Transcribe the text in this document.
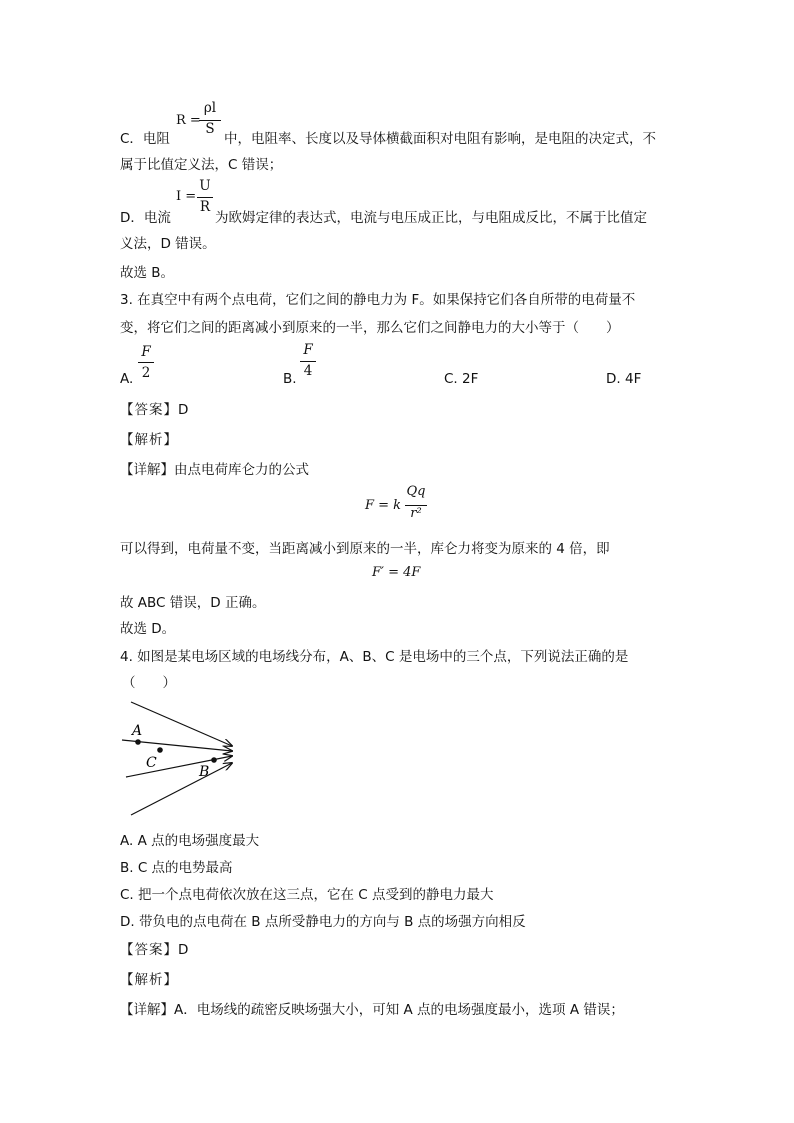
R =
ρl
S
C．电阻	中，电阻率、长度以及导体横截面积对电阻有影响，是电阻的决定式，不
属于比值定义法，C 错误；
I =
U
R
D．电流	为欧姆定律的表达式，电流与电压成正比，与电阻成反比，不属于比值定
义法，D 错误。
故选 B。
3. 在真空中有两个点电荷，它们之间的静电力为 F。如果保持它们各自所带的电荷量不
变，将它们之间的距离减小到原来的一半，那么它们之间静电力的大小等于（　　）
A.
F
2	B.
F
4	C. 2F	D. 4F
【答案】D
【解析】
【详解】由点电荷库仑力的公式
F = k
Qq
r²
可以得到，电荷量不变，当距离减小到原来的一半，库仑力将变为原来的 4 倍，即
F′ = 4F
故 ABC 错误，D 正确。
故选 D。
4. 如图是某电场区域的电场线分布，A、B、C 是电场中的三个点，下列说法正确的是
（　　）
A
C
B
A. A 点的电场强度最大
B. C 点的电势最高
C. 把一个点电荷依次放在这三点，它在 C 点受到的静电力最大
D. 带负电的点电荷在 B 点所受静电力的方向与 B 点的场强方向相反
【答案】D
【解析】
【详解】A．电场线的疏密反映场强大小，可知 A 点的电场强度最小，选项 A 错误；
